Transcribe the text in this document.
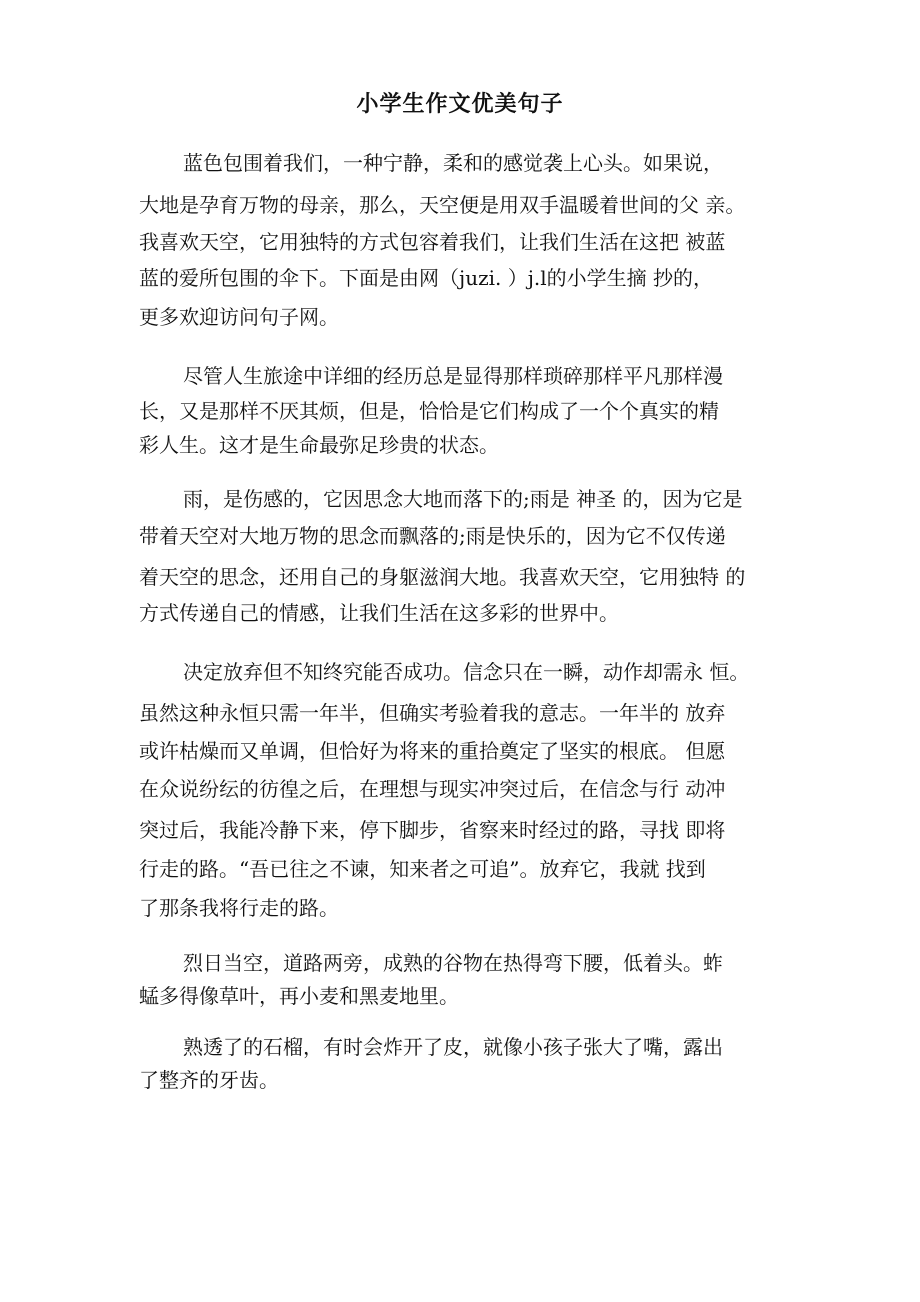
小学生作文优美句子
蓝色包围着我们，一种宁静，柔和的感觉袭上心头。如果说，
大地是孕育万物的母亲，那么，天空便是用双手温暖着世间的父 亲。
我喜欢天空，它用独特的方式包容着我们，让我们生活在这把 被蓝
蓝的爱所包围的伞下。下面是由网（juzi. ）j.l的小学生摘 抄的，
更多欢迎访问句子网。
尽管人生旅途中详细的经历总是显得那样琐碎那样平凡那样漫
长，又是那样不厌其烦，但是，恰恰是它们构成了一个个真实的精
彩人生。这才是生命最弥足珍贵的状态。
雨，是伤感的，它因思念大地而落下的;雨是 神圣 的，因为它是
带着天空对大地万物的思念而飘落的;雨是快乐的，因为它不仅传递
着天空的思念，还用自己的身躯滋润大地。我喜欢天空，它用独特 的
方式传递自己的情感，让我们生活在这多彩的世界中。
决定放弃但不知终究能否成功。信念只在一瞬，动作却需永 恒。
虽然这种永恒只需一年半，但确实考验着我的意志。一年半的 放弃
或许枯燥而又单调，但恰好为将来的重拾奠定了坚实的根底。 但愿
在众说纷纭的彷徨之后，在理想与现实冲突过后，在信念与行 动冲
突过后，我能冷静下来，停下脚步，省察来时经过的路，寻找 即将
行走的路。“吾已往之不谏，知来者之可追”。放弃它，我就 找到
了那条我将行走的路。
烈日当空，道路两旁，成熟的谷物在热得弯下腰，低着头。蚱
蜢多得像草叶，再小麦和黑麦地里。
熟透了的石榴，有时会炸开了皮，就像小孩子张大了嘴，露出
了整齐的牙齿。
